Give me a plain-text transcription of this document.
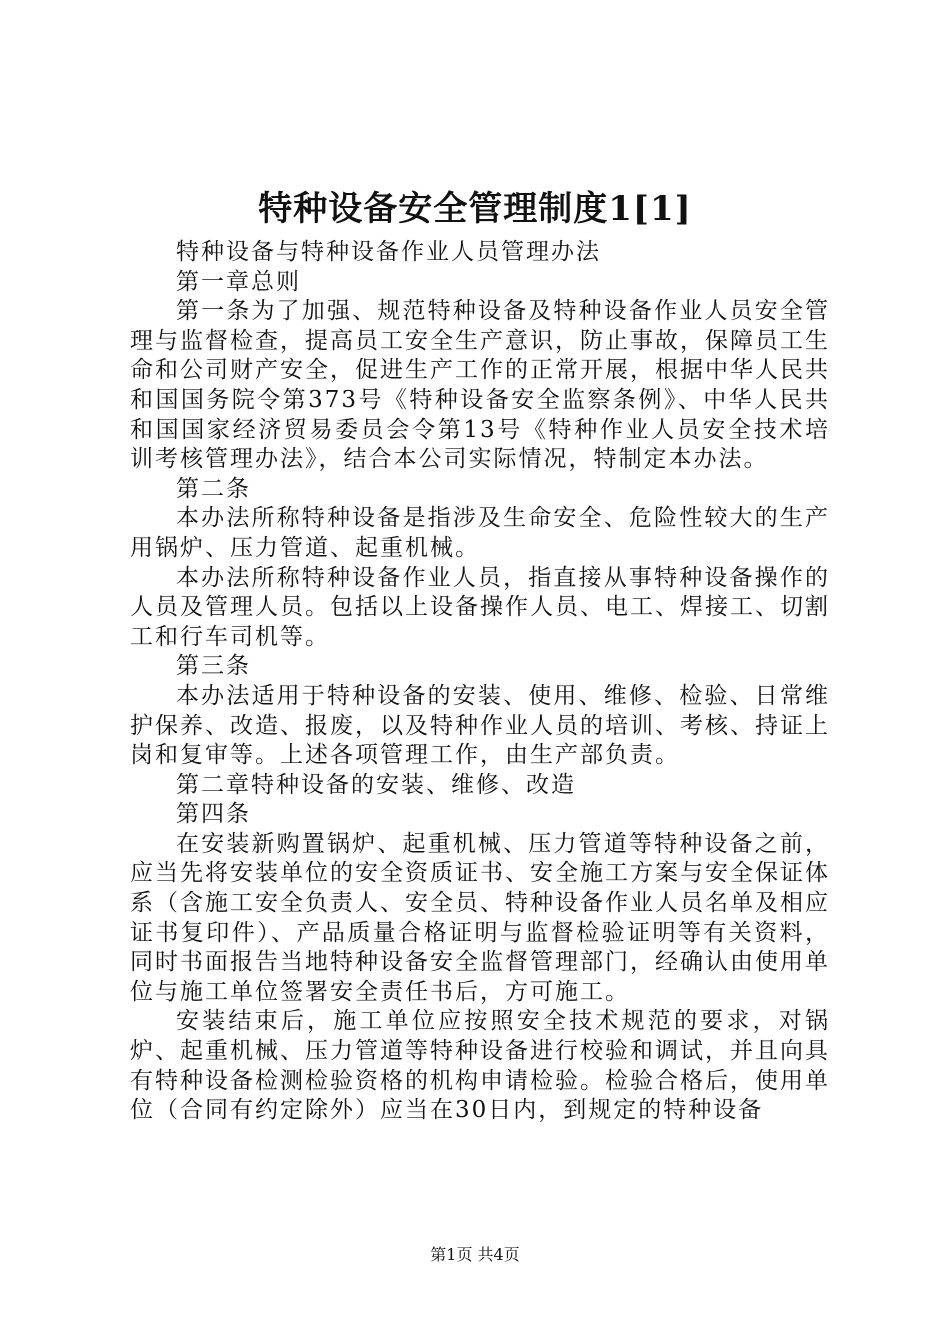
特种设备安全管理制度1[1]

特种设备与特种设备作业人员管理办法

第一章总则

第一条为了加强、规范特种设备及特种设备作业人员安全管理与监督检查，提高员工安全生产意识，防止事故，保障员工生命和公司财产安全，促进生产工作的正常开展，根据中华人民共和国国务院令第373号《特种设备安全监察条例》、中华人民共和国国家经济贸易委员会令第13号《特种作业人员安全技术培训考核管理办法》，结合本公司实际情况，特制定本办法。

第二条

本办法所称特种设备是指涉及生命安全、危险性较大的生产用锅炉、压力管道、起重机械。

本办法所称特种设备作业人员，指直接从事特种设备操作的人员及管理人员。包括以上设备操作人员、电工、焊接工、切割工和行车司机等。

第三条

本办法适用于特种设备的安装、使用、维修、检验、日常维护保养、改造、报废，以及特种作业人员的培训、考核、持证上岗和复审等。上述各项管理工作，由生产部负责。

第二章特种设备的安装、维修、改造

第四条

在安装新购置锅炉、起重机械、压力管道等特种设备之前，应当先将安装单位的安全资质证书、安全施工方案与安全保证体系（含施工安全负责人、安全员、特种设备作业人员名单及相应证书复印件）、产品质量合格证明与监督检验证明等有关资料，同时书面报告当地特种设备安全监督管理部门，经确认由使用单位与施工单位签署安全责任书后，方可施工。

安装结束后，施工单位应按照安全技术规范的要求，对锅炉、起重机械、压力管道等特种设备进行校验和调试，并且向具有特种设备检测检验资格的机构申请检验。检验合格后，使用单位（合同有约定除外）应当在30日内，到规定的特种设备

第1页 共4页
